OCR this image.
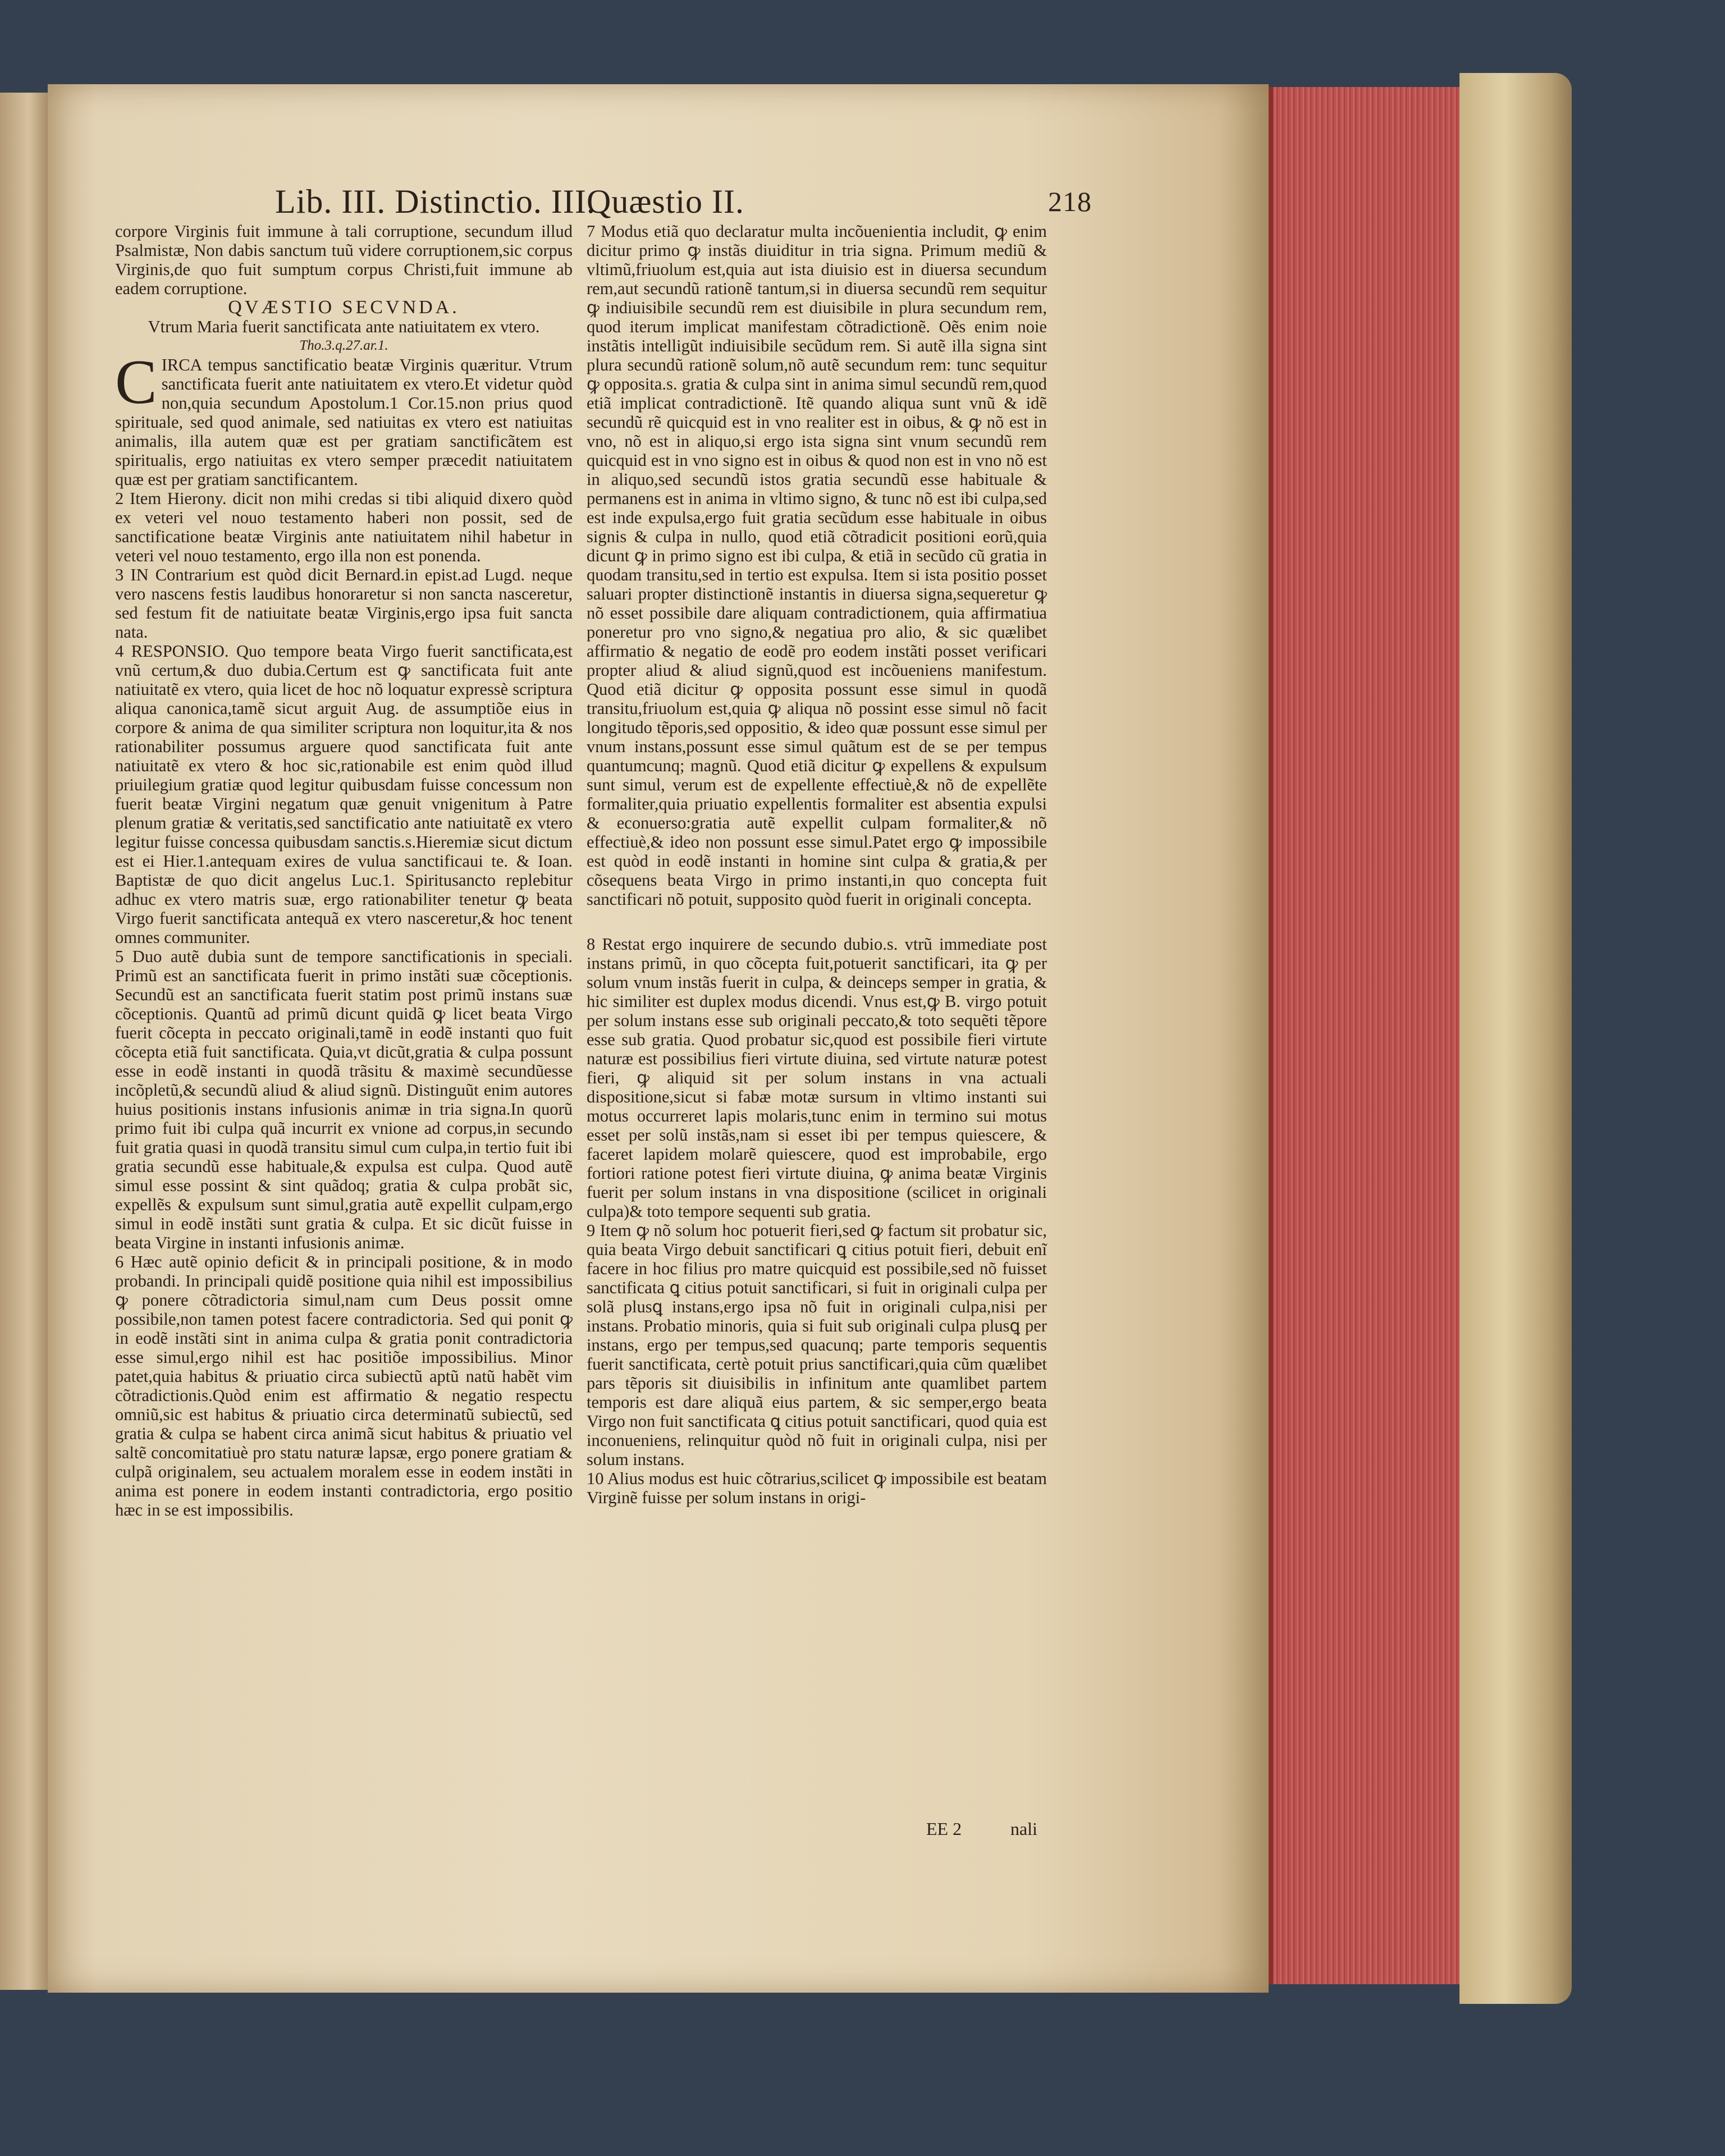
Lib. III. Distinctio. III.
Quæstio II.	218

corpore Virginis fuit immune à tali corruptione, secundum illud Psalmistæ, Non dabis sanctum tuũ videre corruptionem,sic corpus Virginis,de quo fuit sumptum corpus Christi,fuit immune ab eadem corruptione.

QVÆSTIO SECVNDA.

Vtrum Maria fuerit sanctificata ante natiuitatem ex vtero.

Tho.3.q.27.ar.1.

CIRCA tempus sanctificatio beatæ Virginis quæritur. Vtrum sanctificata fuerit ante natiuitatem ex vtero.Et videtur quòd non,quia secundum Apostolum.1 Cor.15.non prius quod spirituale, sed quod animale, sed natiuitas ex vtero est natiuitas animalis, illa autem quæ est per gratiam sanctificãtem est spiritualis, ergo natiuitas ex vtero semper præcedit natiuitatem quæ est per gratiam sanctificantem.

2 Item Hierony. dicit non mihi credas si tibi aliquid dixero quòd ex veteri vel nouo testamento haberi non possit, sed de sanctificatione beatæ Virginis ante natiuitatem nihil habetur in veteri vel nouo testamento, ergo illa non est ponenda.

3 IN Contrarium est quòd dicit Bernard.in epist.ad Lugd. neque vero nascens festis laudibus honoraretur si non sancta nasceretur, sed festum fit de natiuitate beatæ Virginis,ergo ipsa fuit sancta nata.

4 RESPONSIO. Quo tempore beata Virgo fuerit sanctificata,est vnũ certum,& duo dubia.Certum est ꝙ sanctificata fuit ante natiuitatẽ ex vtero, quia licet de hoc nõ loquatur expressè scriptura aliqua canonica,tamẽ sicut arguit Aug. de assumptiõe eius in corpore & anima de qua similiter scriptura non loquitur,ita & nos rationabiliter possumus arguere quod sanctificata fuit ante natiuitatẽ ex vtero & hoc sic,rationabile est enim quòd illud priuilegium gratiæ quod legitur quibusdam fuisse concessum non fuerit beatæ Virgini negatum quæ genuit vnigenitum à Patre plenum gratiæ & veritatis,sed sanctificatio ante natiuitatẽ ex vtero legitur fuisse concessa quibusdam sanctis.s.Hieremiæ sicut dictum est ei Hier.1.antequam exires de vulua sanctificaui te. & Ioan. Baptistæ de quo dicit angelus Luc.1. Spiritusancto replebitur adhuc ex vtero matris suæ, ergo rationabiliter tenetur ꝙ beata Virgo fuerit sanctificata antequã ex vtero nasceretur,& hoc tenent omnes communiter.

5 Duo autẽ dubia sunt de tempore sanctificationis in speciali. Primũ est an sanctificata fuerit in primo instãti suæ cõceptionis. Secundũ est an sanctificata fuerit statim post primũ instans suæ cõceptionis. Quantũ ad primũ dicunt quidã ꝙ licet beata Virgo fuerit cõcepta in peccato originali,tamẽ in eodẽ instanti quo fuit cõcepta etiã fuit sanctificata. Quia,vt dicũt,gratia & culpa possunt esse in eodẽ instanti in quodã trãsitu & maximè secundũesse incõpletũ,& secundũ aliud & aliud signũ. Distinguũt enim autores huius positionis instans infusionis animæ in tria signa.In quorũ primo fuit ibi culpa quã incurrit ex vnione ad corpus,in secundo fuit gratia quasi in quodã transitu simul cum culpa,in tertio fuit ibi gratia secundũ esse habituale,& expulsa est culpa. Quod autẽ simul esse possint & sint quãdoq; gratia & culpa probãt sic, expellẽs & expulsum sunt simul,gratia autẽ expellit culpam,ergo simul in eodẽ instãti sunt gratia & culpa. Et sic dicũt fuisse in beata Virgine in instanti infusionis animæ.

6 Hæc autẽ opinio deficit & in principali positione, & in modo probandi. In principali quidẽ positione quia nihil est impossibilius ꝙ ponere cõtradictoria simul,nam cum Deus possit omne possibile,non tamen potest facere contradictoria. Sed qui ponit ꝙ in eodẽ instãti sint in anima culpa & gratia ponit contradictoria esse simul,ergo nihil est hac positiõe impossibilius. Minor patet,quia habitus & priuatio circa subiectũ aptũ natũ habẽt vim cõtradictionis.Quòd enim est affirmatio & negatio respectu omniũ,sic est habitus & priuatio circa determinatũ subiectũ, sed gratia & culpa se habent circa animã sicut habitus & priuatio vel saltẽ concomitatiuè pro statu naturæ lapsæ, ergo ponere gratiam & culpã originalem, seu actualem moralem esse in eodem instãti in anima est ponere in eodem instanti contradictoria, ergo positio hæc in se est impossibilis.

7 Modus etiã quo declaratur multa incõuenientia includit, ꝙ enim dicitur primo ꝙ instãs diuiditur in tria signa. Primum mediũ & vltimũ,friuolum est,quia aut ista diuisio est in diuersa secundum rem,aut secundũ rationẽ tantum,si in diuersa secundũ rem sequitur ꝙ indiuisibile secundũ rem est diuisibile in plura secundum rem, quod iterum implicat manifestam cõtradictionẽ. Oẽs enim noie instãtis intelligũt indiuisibile secũdum rem. Si autẽ illa signa sint plura secundũ rationẽ solum,nõ autẽ secundum rem: tunc sequitur ꝙ opposita.s. gratia & culpa sint in anima simul secundũ rem,quod etiã implicat contradictionẽ. Itẽ quando aliqua sunt vnũ & idẽ secundũ rẽ quicquid est in vno realiter est in oibus, & ꝙ nõ est in vno, nõ est in aliquo,si ergo ista signa sint vnum secundũ rem quicquid est in vno signo est in oibus & quod non est in vno nõ est in aliquo,sed secundũ istos gratia secundũ esse habituale & permanens est in anima in vltimo signo, & tunc nõ est ibi culpa,sed est inde expulsa,ergo fuit gratia secũdum esse habituale in oibus signis & culpa in nullo, quod etiã cõtradicit positioni eorũ,quia dicunt ꝙ in primo signo est ibi culpa, & etiã in secũdo cũ gratia in quodam transitu,sed in tertio est expulsa. Item si ista positio posset saluari propter distinctionẽ instantis in diuersa signa,sequeretur ꝙ nõ esset possibile dare aliquam contradictionem, quia affirmatiua poneretur pro vno signo,& negatiua pro alio, & sic quælibet affirmatio & negatio de eodẽ pro eodem instãti posset verificari propter aliud & aliud signũ,quod est incõueniens manifestum. Quod etiã dicitur ꝙ opposita possunt esse simul in quodã transitu,friuolum est,quia ꝙ aliqua nõ possint esse simul nõ facit longitudo tẽporis,sed oppositio, & ideo quæ possunt esse simul per vnum instans,possunt esse simul quãtum est de se per tempus quantumcunq; magnũ. Quod etiã dicitur ꝙ expellens & expulsum sunt simul, verum est de expellente effectiuè,& nõ de expellẽte formaliter,quia priuatio expellentis formaliter est absentia expulsi & econuerso:gratia autẽ expellit culpam formaliter,& nõ effectiuè,& ideo non possunt esse simul.Patet ergo ꝙ impossibile est quòd in eodẽ instanti in homine sint culpa & gratia,& per cõsequens beata Virgo in primo instanti,in quo concepta fuit sanctificari nõ potuit, supposito quòd fuerit in originali concepta.

8 Restat ergo inquirere de secundo dubio.s. vtrũ immediate post instans primũ, in quo cõcepta fuit,potuerit sanctificari, ita ꝙ per solum vnum instãs fuerit in culpa, & deinceps semper in gratia, & hic similiter est duplex modus dicendi. Vnus est,ꝙ B. virgo potuit per solum instans esse sub originali peccato,& toto sequẽti tẽpore esse sub gratia. Quod probatur sic,quod est possibile fieri virtute naturæ est possibilius fieri virtute diuina, sed virtute naturæ potest fieri, ꝙ aliquid sit per solum instans in vna actuali dispositione,sicut si fabæ motæ sursum in vltimo instanti sui motus occurreret lapis molaris,tunc enim in termino sui motus esset per solũ instãs,nam si esset ibi per tempus quiescere, & faceret lapidem molarẽ quiescere, quod est improbabile, ergo fortiori ratione potest fieri virtute diuina, ꝙ anima beatæ Virginis fuerit per solum instans in vna dispositione (scilicet in originali culpa)& toto tempore sequenti sub gratia.

9 Item ꝙ nõ solum hoc potuerit fieri,sed ꝙ factum sit probatur sic, quia beata Virgo debuit sanctificari ꝗ citius potuit fieri, debuit enĩ facere in hoc filius pro matre quicquid est possibile,sed nõ fuisset sanctificata ꝗ citius potuit sanctificari, si fuit in originali culpa per solã plusꝗ instans,ergo ipsa nõ fuit in originali culpa,nisi per instans. Probatio minoris, quia si fuit sub originali culpa plusꝗ per instans, ergo per tempus,sed quacunq; parte temporis sequentis fuerit sanctificata, certè potuit prius sanctificari,quia cũm quælibet pars tẽporis sit diuisibilis in infinitum ante quamlibet partem temporis est dare aliquã eius partem, & sic semper,ergo beata Virgo non fuit sanctificata ꝗ citius potuit sanctificari, quod quia est inconueniens, relinquitur quòd nõ fuit in originali culpa, nisi per solum instans.

10 Alius modus est huic cõtrarius,scilicet ꝙ impossibile est beatam Virginẽ fuisse per solum instans in origi-

EE 2	nali
